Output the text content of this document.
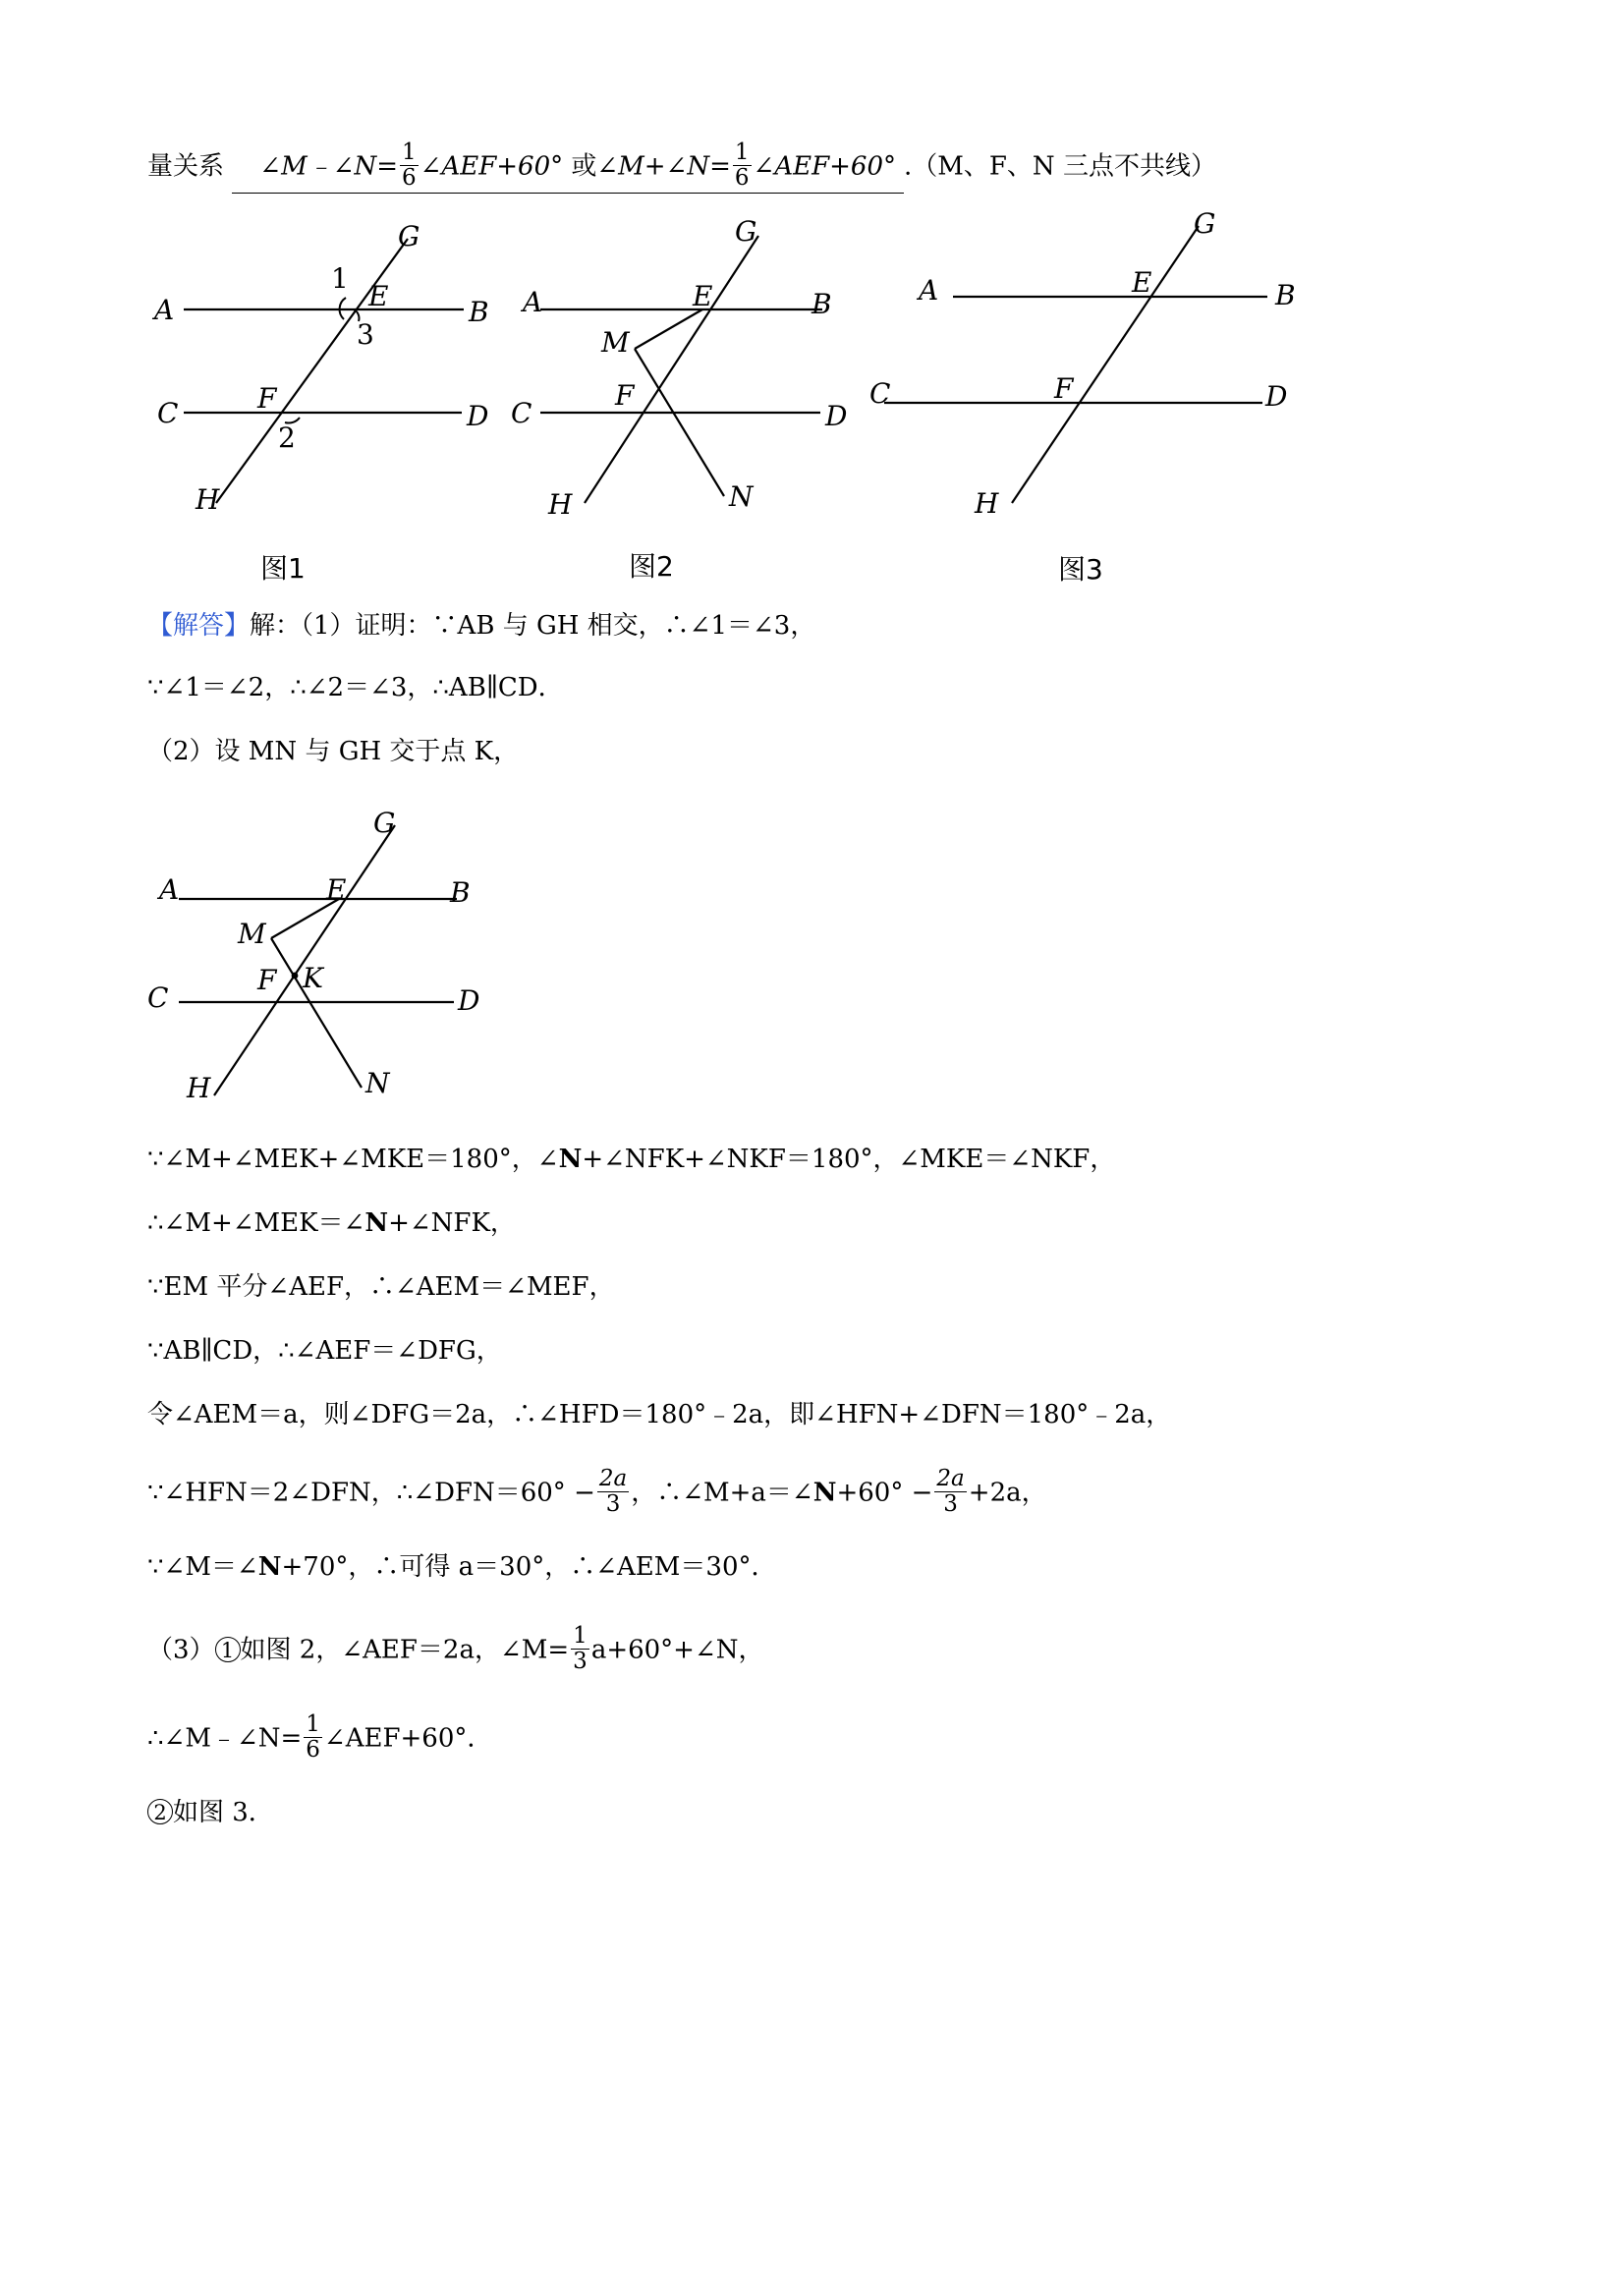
量关系 ∠M﹣∠N= $\frac{1}{6}$ ∠AEF+60° 或∠M+∠N= $\frac{1}{6}$ ∠AEF+60° .（M、F、N 三点不共线）
A	B
C	D
E
F
G
H
1
3
2
图1
A	B
C	D
E
F
G
H
M
N
图2
A	B
C	D
E
F
G
H
图3
【解答】解：（1）证明：∵AB 与 GH 相交，∴∠1＝∠3，
∵∠1＝∠2，∴∠2＝∠3，∴AB∥CD．
（2）设 MN 与 GH 交于点 K，
A	B
C	D
E
F K
G
H
M
N
∵∠M+∠MEK+∠MKE＝180°，∠N+∠NFK+∠NKF＝180°，∠MKE＝∠NKF，
∴∠M+∠MEK＝∠N+∠NFK，
∵EM 平分∠AEF，∴∠AEM＝∠MEF，
∵AB∥CD，∴∠AEF＝∠DFG，
令∠AEM＝a，则∠DFG＝2a，∴∠HFD＝180°﹣2a，即∠HFN+∠DFN＝180°﹣2a，
∵∠HFN＝2∠DFN，∴∠DFN＝60° − $\frac{2a}{3}$ ，∴∠M+a＝∠N+60° − $\frac{2a}{3} +2a$，
∵∠M＝∠N+70°，∴可得 a＝30°，∴∠AEM＝30°．
（3） 1 如图 2，∠AEF＝2a，∠M= $\frac{1}{3}$ a+60°+∠N，
∴∠M﹣∠N= $\frac{1}{6}$ ∠AEF+60°．
2 如图 3．
